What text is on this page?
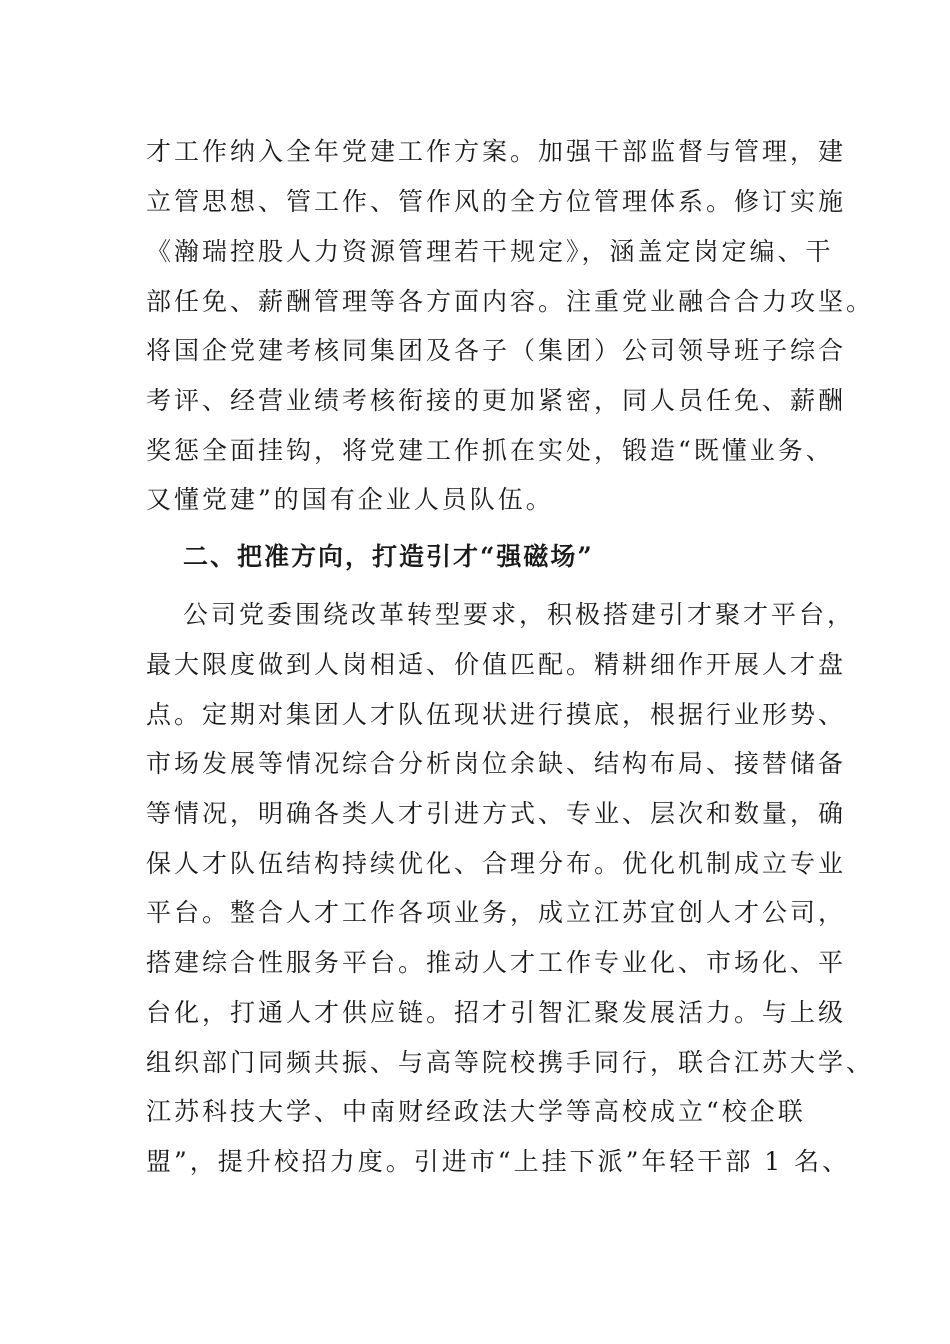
才工作纳入全年党建工作方案。加强干部监督与管理，建
立管思想、管工作、管作风的全方位管理体系。修订实施
《瀚瑞控股人力资源管理若干规定》，涵盖定岗定编、干
部任免、薪酬管理等各方面内容。注重党业融合合力攻坚。
将国企党建考核同集团及各子（集团）公司领导班子综合
考评、经营业绩考核衔接的更加紧密，同人员任免、薪酬
奖惩全面挂钩，将党建工作抓在实处，锻造“既懂业务、
又懂党建”的国有企业人员队伍。
二、把准方向，打造引才“强磁场”
公司党委围绕改革转型要求，积极搭建引才聚才平台，
最大限度做到人岗相适、价值匹配。精耕细作开展人才盘
点。定期对集团人才队伍现状进行摸底，根据行业形势、
市场发展等情况综合分析岗位余缺、结构布局、接替储备
等情况，明确各类人才引进方式、专业、层次和数量，确
保人才队伍结构持续优化、合理分布。优化机制成立专业
平台。整合人才工作各项业务，成立江苏宜创人才公司，
搭建综合性服务平台。推动人才工作专业化、市场化、平
台化，打通人才供应链。招才引智汇聚发展活力。与上级
组织部门同频共振、与高等院校携手同行，联合江苏大学、
江苏科技大学、中南财经政法大学等高校成立“校企联
盟”，提升校招力度。引进市“上挂下派”年轻干部 1 名、
